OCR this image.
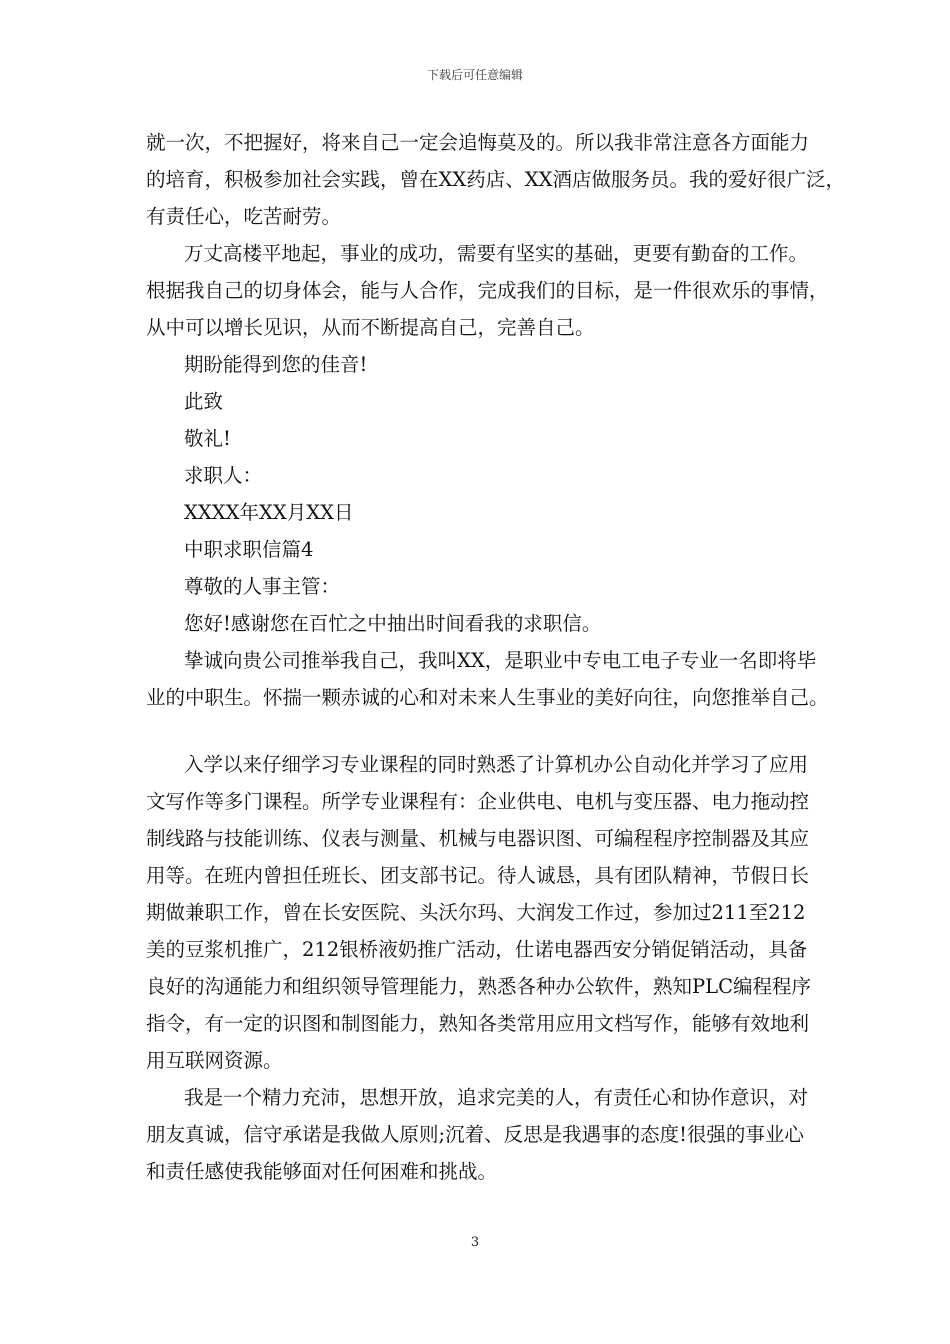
下载后可任意编辑
就一次，不把握好，将来自己一定会追悔莫及的。所以我非常注意各方面能力
的培育，积极参加社会实践，曾在XX药店、XX酒店做服务员。我的爱好很广泛，
有责任心，吃苦耐劳。
万丈高楼平地起，事业的成功，需要有坚实的基础，更要有勤奋的工作。
根据我自己的切身体会，能与人合作，完成我们的目标，是一件很欢乐的事情，
从中可以增长见识，从而不断提高自己，完善自己。
期盼能得到您的佳音!
此致
敬礼!
求职人：
XXXX年XX月XX日
中职求职信篇4
尊敬的人事主管：
您好!感谢您在百忙之中抽出时间看我的求职信。
挚诚向贵公司推举我自己，我叫XX，是职业中专电工电子专业一名即将毕
业的中职生。怀揣一颗赤诚的心和对未来人生事业的美好向往，向您推举自己。
入学以来仔细学习专业课程的同时熟悉了计算机办公自动化并学习了应用
文写作等多门课程。所学专业课程有：企业供电、电机与变压器、电力拖动控
制线路与技能训练、仪表与测量、机械与电器识图、可编程程序控制器及其应
用等。在班内曾担任班长、团支部书记。待人诚恳，具有团队精神，节假日长
期做兼职工作，曾在长安医院、头沃尔玛、大润发工作过，参加过211至212
美的豆浆机推广，212银桥液奶推广活动，仕诺电器西安分销促销活动，具备
良好的沟通能力和组织领导管理能力，熟悉各种办公软件，熟知PLC编程程序
指令，有一定的识图和制图能力，熟知各类常用应用文档写作，能够有效地利
用互联网资源。
我是一个精力充沛，思想开放，追求完美的人，有责任心和协作意识，对
朋友真诚，信守承诺是我做人原则;沉着、反思是我遇事的态度!很强的事业心
和责任感使我能够面对任何困难和挑战。
3
